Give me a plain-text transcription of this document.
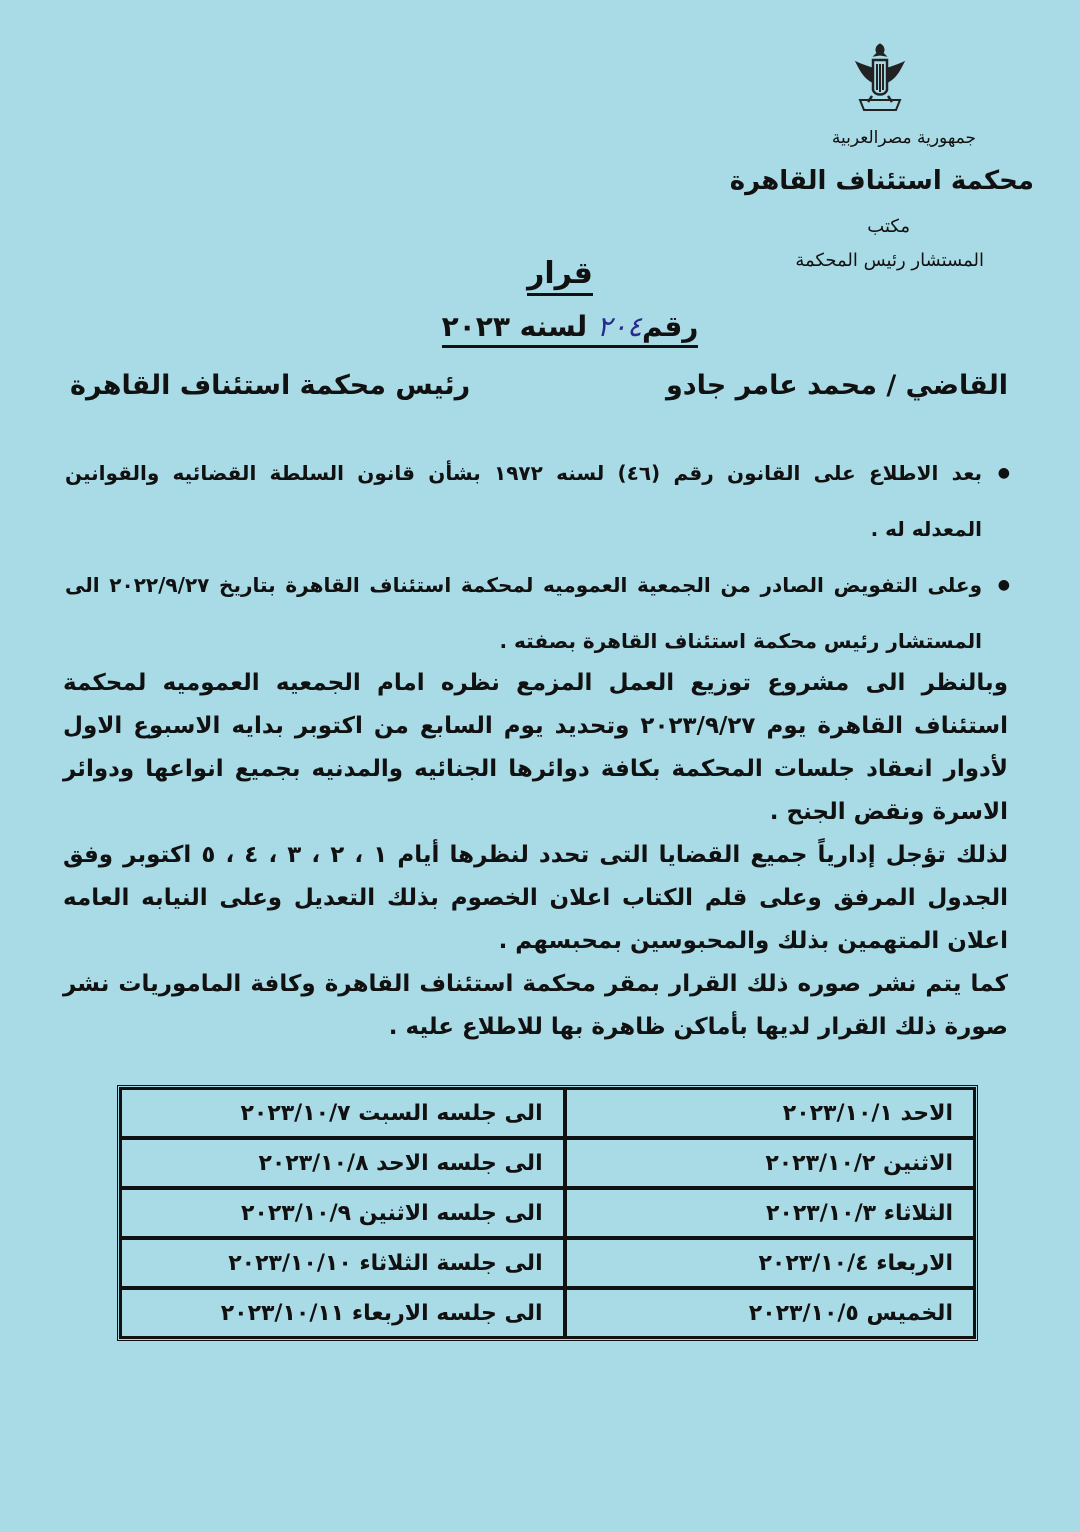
جمهورية مصرالعربية
محكمة استئناف القاهرة
مكتب
المستشار رئيس المحكمة
قرار
رقم٢٠٤ لسنه ٢٠٢٣
القاضي / محمد عامر جادو
رئيس محكمة استئناف القاهرة
● بعد الاطلاع على القانون رقم (٤٦) لسنه ١٩٧٢ بشأن قانون السلطة القضائيه والقوانين المعدله له .
● وعلى التفويض الصادر من الجمعية العموميه لمحكمة استئناف القاهرة بتاريخ ٢٠٢٢/٩/٢٧ الى المستشار رئيس محكمة استئناف القاهرة بصفته .

وبالنظر الى مشروع توزيع العمل المزمع نظره امام الجمعيه العموميه لمحكمة استئناف القاهرة يوم ٢٠٢٣/٩/٢٧ وتحديد يوم السابع من اكتوبر بدايه الاسبوع الاول لأدوار انعقاد جلسات المحكمة بكافة دوائرها الجنائيه والمدنيه بجميع انواعها ودوائر الاسرة ونقض الجنح .

لذلك تؤجل إدارياً جميع القضايا التى تحدد لنظرها أيام ١ ، ٢ ، ٣ ، ٤ ، ٥ اكتوبر وفق الجدول المرفق وعلى قلم الكتاب اعلان الخصوم بذلك التعديل وعلى النيابه العامه اعلان المتهمين بذلك والمحبوسين بمحبسهم .

كما يتم نشر صوره ذلك القرار بمقر محكمة استئناف القاهرة وكافة الماموريات نشر صورة ذلك القرار لديها بأماكن ظاهرة بها للاطلاع عليه .

الاحد ٢٠٢٣/١٠/١	الى جلسه السبت ٢٠٢٣/١٠/٧
الاثنين ٢٠٢٣/١٠/٢	الى جلسه الاحد ٢٠٢٣/١٠/٨
الثلاثاء ٢٠٢٣/١٠/٣	الى جلسه الاثنين ٢٠٢٣/١٠/٩
الاربعاء ٢٠٢٣/١٠/٤	الى جلسة الثلاثاء ٢٠٢٣/١٠/١٠
الخميس ٢٠٢٣/١٠/٥	الى جلسه الاربعاء ٢٠٢٣/١٠/١١
